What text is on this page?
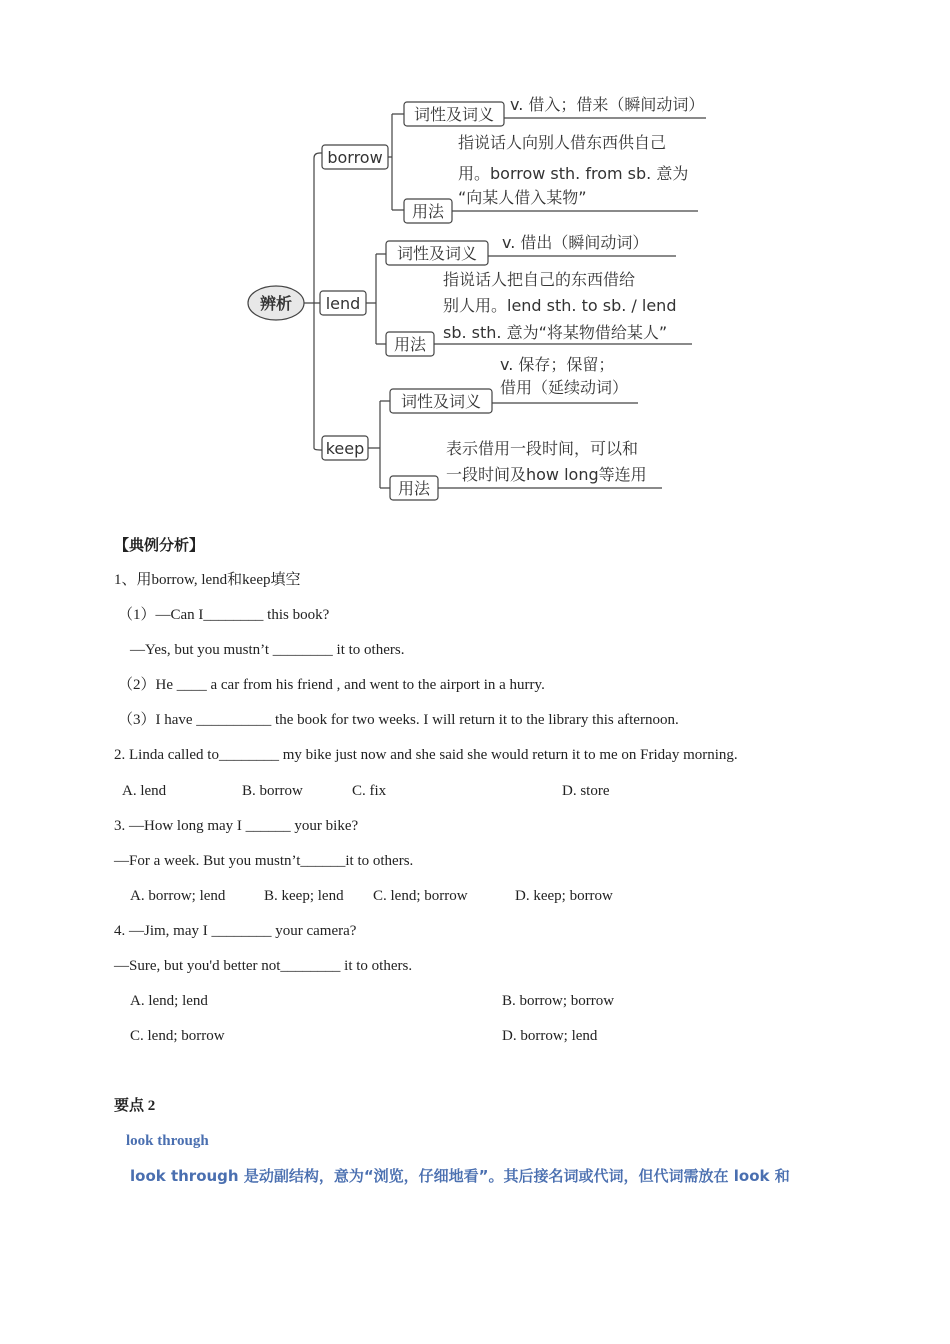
辨析
borrow
词性及词义
v. 借入；借来（瞬间动词）
指说话人向别人借东西供自己
用。borrow sth. from sb. 意为
“向某人借入某物”
用法
lend
词性及词义
v. 借出（瞬间动词）
指说话人把自己的东西借给
别人用。lend sth. to sb. / lend
sb. sth. 意为“将某物借给某人”
用法
keep
词性及词义
v. 保存；保留；
借用（延续动词）
表示借用一段时间，可以和
一段时间及how long等连用
用法
【典例分析】
1、用borrow, lend和keep填空
（1）—Can I________ this book?
—Yes, but you mustn’t ________ it to others.
（2）He ____ a car from his friend , and went to the airport in a hurry.
（3）I have __________ the book for two weeks. I will return it to the library this afternoon.
2. Linda called to________ my bike just now and she said she would return it to me on Friday morning.
A. lend	B. borrow	C. fix	D. store
3. —How long may I ______ your bike?
—For a week. But you mustn’t______it to others.
A. borrow; lend	B. keep; lend C. lend; borrow	D. keep; borrow
4. —Jim, may I ________ your camera?
—Sure, but you'd better not________ it to others.
A. lend; lend	B. borrow; borrow
C. lend; borrow	D. borrow; lend
要点 2
look through
look through 是动副结构，意为“浏览，仔细地看”。其后接名词或代词，但代词需放在 look 和
